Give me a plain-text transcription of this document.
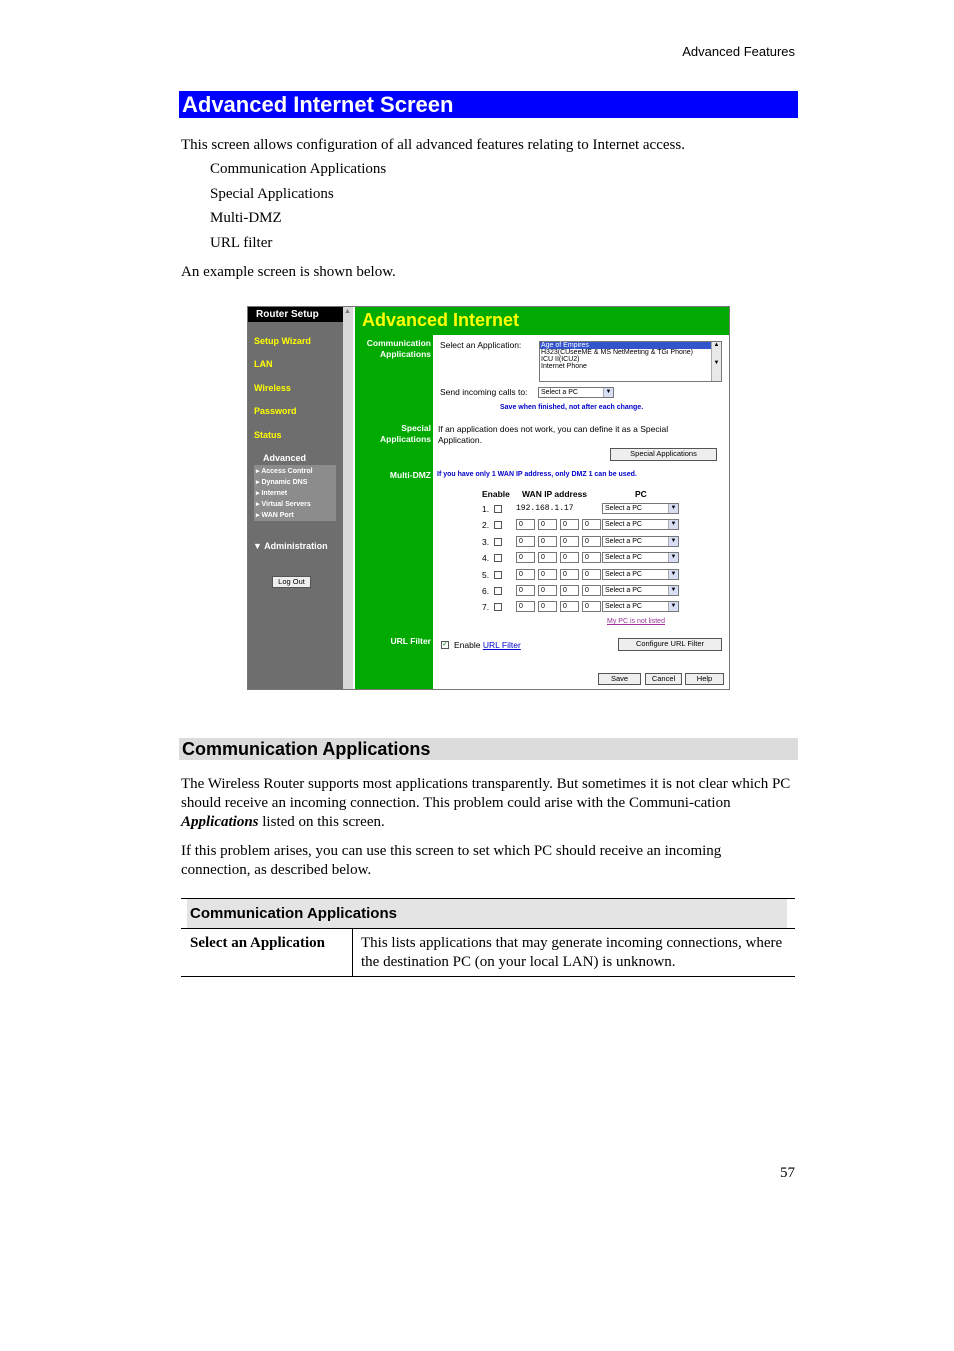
Advanced Features
Advanced Internet Screen
This screen allows configuration of all advanced features relating to Internet access.
Communication Applications
Special Applications
Multi-DMZ
URL filter
An example screen is shown below.
Router Setup
Setup Wizard
LAN
Wireless
Password
Status
Advanced
▸ Access Control
▸ Dynamic DNS
▸ Internet
▸ Virtual Servers
▸ WAN Port
▼ Administration
Log Out
▲ Advanced Internet
Communication
Applications
Select an Application:	Age of Empires
H323(CUseeME & MS NetMeeting & TGi Phone)
ICU II(ICU2)
Internet Phone
▲

▼
Send incoming calls to:	Select a PC	▼
Save when finished, not after each change.
Special
Applications
If an application does not work, you can define it as a Special Application.
Special Applications
Multi-DMZ If you have only 1 WAN IP address, only DMZ 1 can be used.
Enable WAN IP address	PC
1.	192.168.1.17	Select a PC	▼
2.	0	0	0	0	Select a PC	▼
3.	0	0	0	0	Select a PC	▼
4.	0	0	0	0	Select a PC	▼
5.	0	0	0	0	Select a PC	▼
6.	0	0	0	0	Select a PC	▼
7.	0	0	0	0	Select a PC	▼
My PC is not listed
URL Filter ✓ Enable URL Filter	Configure URL Filter
Save	Cancel	Help
Communication Applications
The Wireless Router supports most applications transparently. But sometimes it is not clear which PC should receive an incoming connection. This problem could arise with the Communi-cation Applications listed on this screen.
If this problem arises, you can use this screen to set which PC should receive an incoming connection, as described below.
Communication Applications
Select an Application This lists applications that may generate incoming connections, where the destination PC (on your local LAN) is unknown.
57
